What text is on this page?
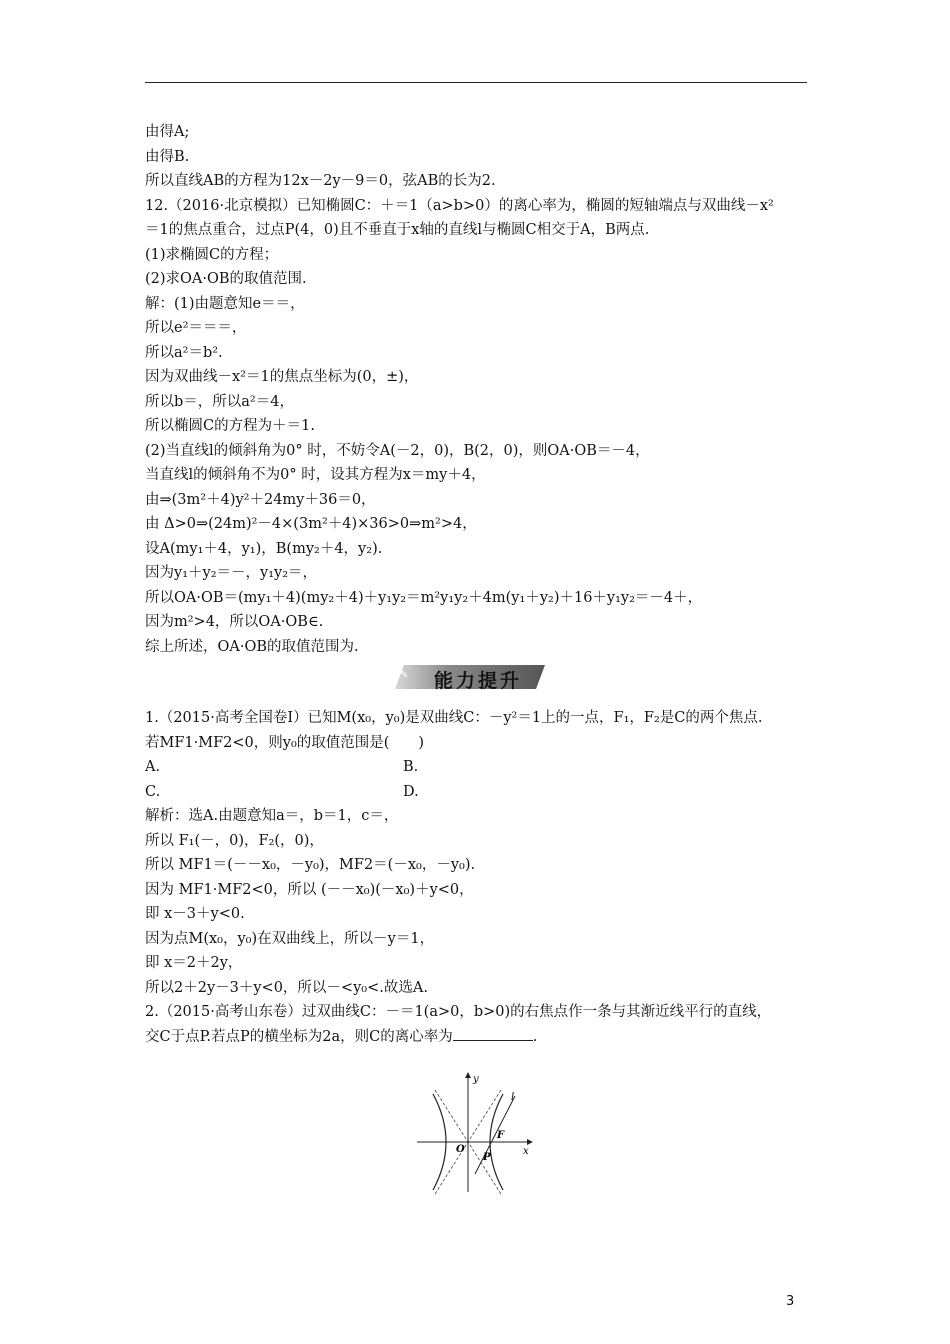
由得A;
由得B.
所以直线AB的方程为12x－2y－9＝0，弦AB的长为2.
12.（2016·北京模拟）已知椭圆C：＋＝1（a>b>0）的离心率为，椭圆的短轴端点与双曲线－x²
＝1的焦点重合，过点P(4，0)且不垂直于x轴的直线l与椭圆C相交于A，B两点.
(1)求椭圆C的方程；
(2)求OA·OB的取值范围.
解：(1)由题意知e＝＝，
所以e²＝＝＝，
所以a²＝b².
因为双曲线－x²＝1的焦点坐标为(0，±)，
所以b＝，所以a²＝4，
所以椭圆C的方程为＋＝1.
(2)当直线l的倾斜角为0° 时，不妨令A(－2，0)，B(2，0)，则OA·OB＝－4，
当直线l的倾斜角不为0° 时，设其方程为x＝my＋4，
由⇒(3m²＋4)y²＋24my＋36＝0，
由 Δ>0⇒(24m)²－4×(3m²＋4)×36>0⇒m²>4，
设A(my₁＋4，y₁)，B(my₂＋4，y₂).
因为y₁＋y₂＝－，y₁y₂＝，
所以OA·OB＝(my₁＋4)(my₂＋4)＋y₁y₂＝m²y₁y₂＋4m(y₁＋y₂)＋16＋y₁y₂＝－4＋，
因为m²>4，所以OA·OB∈.
综上所述，OA·OB的取值范围为.
✎	能力提升
1.（2015·高考全国卷Ⅰ）已知M(x₀，y₀)是双曲线C：－y²＝1上的一点，F₁，F₂是C的两个焦点.
若MF1·MF2<0，则y₀的取值范围是(　　)
A.	B.
C.	D.
解析：选A.由题意知a＝，b＝1，c＝，
所以 F₁(－，0)，F₂(，0)，
所以 MF1＝(－－x₀，－y₀)，MF2＝(－x₀，－y₀).
因为 MF1·MF2<0，所以 (－－x₀)(－x₀)＋y<0，
即 x－3＋y<0.
因为点M(x₀，y₀)在双曲线上，所以－y＝1，
即 x＝2＋2y，
所以2＋2y－3＋y<0，所以－<y₀<.故选A.
2.（2015·高考山东卷）过双曲线C：－＝1(a>0，b>0)的右焦点作一条与其渐近线平行的直线，
交C于点P.若点P的横坐标为2a，则C的离心率为	.
y
x
l
F
O
P
3
